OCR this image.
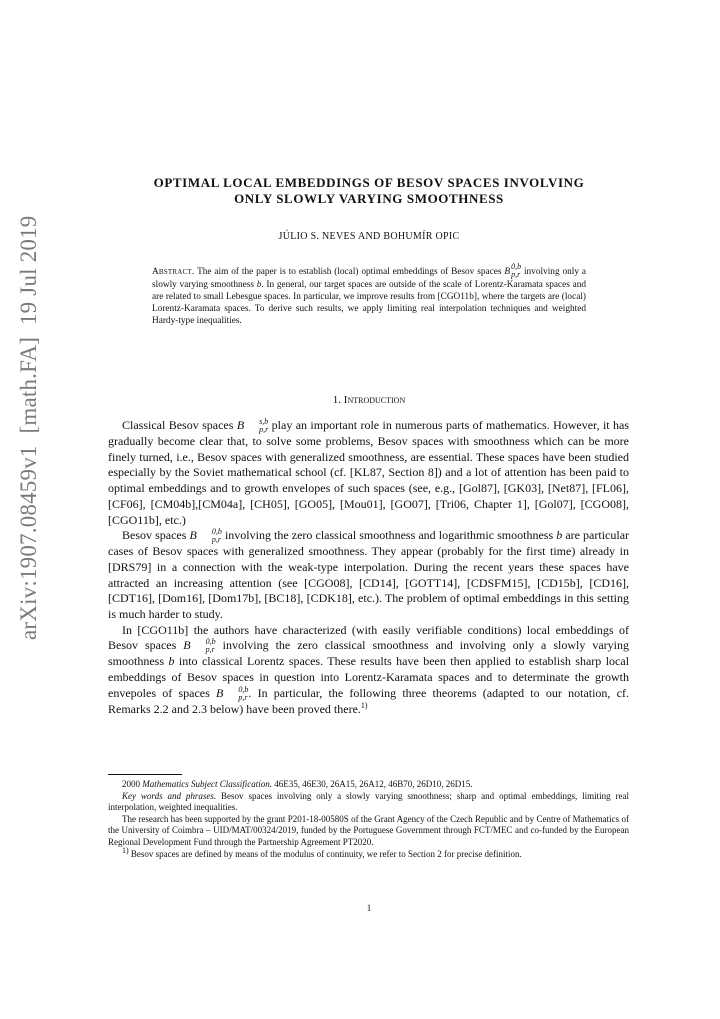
arXiv:1907.08459v1  [math.FA]  19 Jul 2019
OPTIMAL LOCAL EMBEDDINGS OF BESOV SPACES INVOLVING
ONLY SLOWLY VARYING SMOOTHNESS
JÚLIO S. NEVES AND BOHUMÍR OPIC
Abstract. The aim of the paper is to establish (local) optimal embeddings of Besov spaces B
0,b
p,r involving only a slowly varying smoothness b. In general, our target spaces are outside of the scale of Lorentz-Karamata spaces and are related to small Lebesgue spaces. In particular, we improve results from [CGO11b], where the targets are (local) Lorentz-Karamata spaces. To derive such results, we apply limiting real interpolation techniques and weighted Hardy-type inequalities.
1. Introduction

Classical Besov spaces B	s,b
p,r play an important role in numerous parts of mathematics. However, it has gradually become clear that, to solve some problems, Besov spaces with smoothness which can be more finely turned, i.e., Besov spaces with generalized smoothness, are essential. These spaces have been studied especially by the Soviet mathematical school (cf. [KL87, Section 8]) and a lot of attention has been paid to optimal embeddings and to growth envelopes of such spaces (see, e.g., [Gol87], [GK03], [Net87], [FL06], [CF06], [CM04b],[CM04a], [CH05], [GO05], [Mou01], [GO07], [Tri06, Chapter 1], [Gol07], [CGO08], [CGO11b], etc.)

Besov spaces B	0,b
p,r involving the zero classical smoothness and logarithmic smoothness b are particular cases of Besov spaces with generalized smoothness. They appear (probably for the first time) already in [DRS79] in a connection with the weak-type interpolation. During the recent years these spaces have attracted an increasing attention (see [CGO08], [CD14], [GOTT14], [CDSFM15], [CD15b], [CD16], [CDT16], [Dom16], [Dom17b], [BC18], [CDK18], etc.). The problem of optimal embeddings in this setting is much harder to study.

In [CGO11b] the authors have characterized (with easily verifiable conditions) local embeddings of Besov spaces B	0,b
p,r involving the zero classical smoothness and involving only a slowly varying smoothness b into classical Lorentz spaces. These results have been then applied to establish sharp local embeddings of Besov spaces in question into Lorentz-Karamata spaces and to determinate the growth envepoles of spaces B	0,b
p,r . In particular, the following three theorems (adapted to our notation, cf. Remarks 2.2 and 2.3 below) have been proved there.$^{1)}$

2000 Mathematics Subject Classification. 46E35, 46E30, 26A15, 26A12, 46B70, 26D10, 26D15.

Key words and phrases. Besov spaces involving only a slowly varying smoothness; sharp and optimal embeddings, limiting real interpolation, weighted inequalities.

The research has been supported by the grant P201-18-00580S of the Grant Agency of the Czech Republic and by Centre of Mathematics of the University of Coimbra – UID/MAT/00324/2019, funded by the Portuguese Government through FCT/MEC and co-funded by the European Regional Development Fund through the Partnership Agreement PT2020.

$^{1)}$ Besov spaces are defined by means of the modulus of continuity, we refer to Section 2 for precise definition.

1
